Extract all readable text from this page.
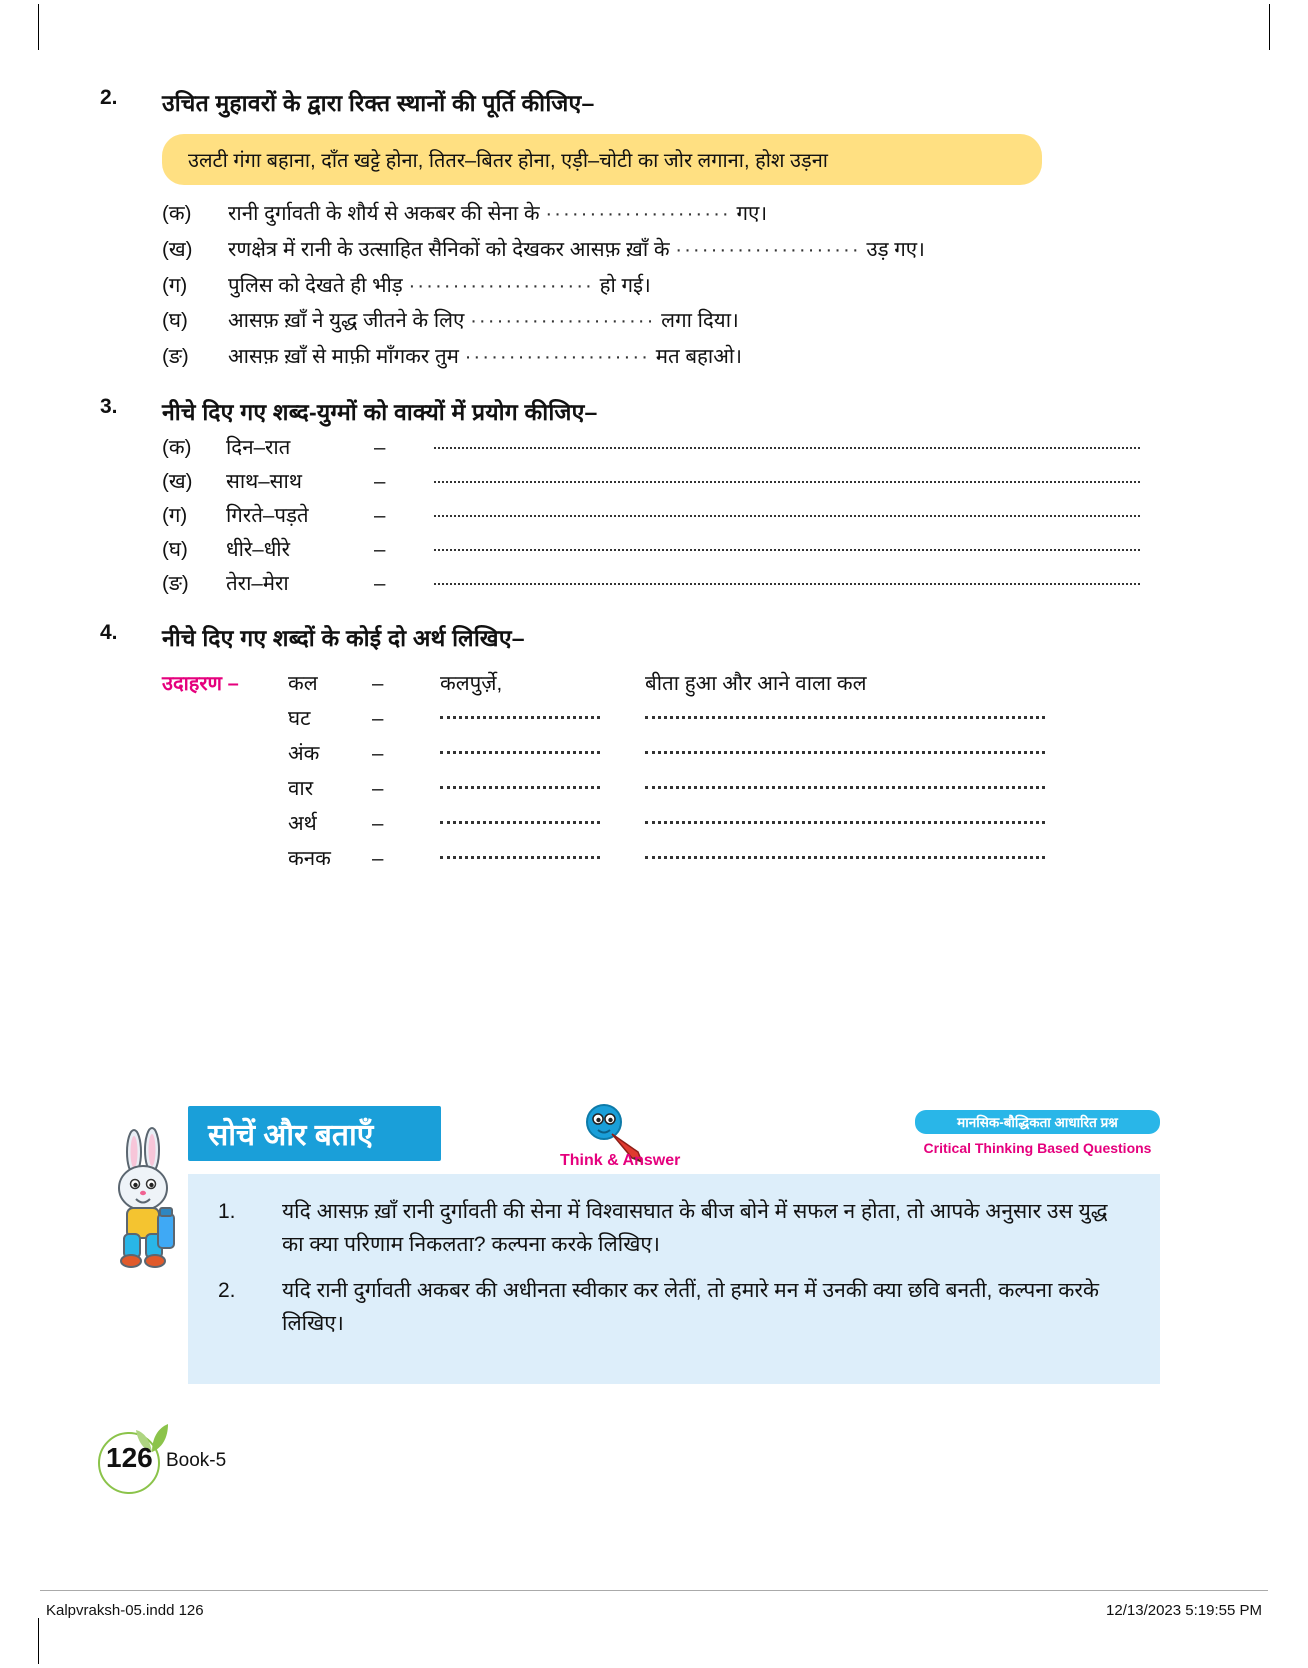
2.	उचित मुहावरों के द्वारा रिक्त स्थानों की पूर्ति कीजिए–
उलटी गंगा बहाना, दाँत खट्टे होना, तितर–बितर होना, एड़ी–चोटी का जोर लगाना, होश उड़ना
(क)	रानी दुर्गावती के शौर्य से अकबर की सेना के ····················· गए।
(ख)	रणक्षेत्र में रानी के उत्साहित सैनिकों को देखकर आसफ़ ख़ाँ के ····················· उड़ गए।
(ग)	पुलिस को देखते ही भीड़ ····················· हो गई।
(घ)	आसफ़ ख़ाँ ने युद्ध जीतने के लिए ····················· लगा दिया।
(ङ)	आसफ़ ख़ाँ से माफ़ी माँगकर तुम ····················· मत बहाओ।
3.	नीचे दिए गए शब्द-युग्मों को वाक्यों में प्रयोग कीजिए–
(क)	दिन–रात	–
(ख)	साथ–साथ	–
(ग)	गिरते–पड़ते	–
(घ)	धीरे–धीरे	–
(ङ)	तेरा–मेरा	–
4.	नीचे दिए गए शब्दों के कोई दो अर्थ लिखिए–
उदाहरण –	कल	–	कलपुर्ज़े,	बीता हुआ और आने वाला कल
घट	–
अंक	–
वार	–
अर्थ	–
कनक	–
सोचें और बताएँ
Think & Answer
मानसिक-बौद्धिकता आधारित प्रश्न
Critical Thinking Based Questions
1.	यदि आसफ़ ख़ाँ रानी दुर्गावती की सेना में विश्वासघात के बीज बोने में सफल न होता, तो आपके अनुसार उस युद्ध का क्या परिणाम निकलता? कल्पना करके लिखिए।
2.	यदि रानी दुर्गावती अकबर की अधीनता स्वीकार कर लेतीं, तो हमारे मन में उनकी क्या छवि बनती, कल्पना करके लिखिए।
126 Book-5
Kalpvraksh-05.indd 126	12/13/2023 5:19:55 PM
